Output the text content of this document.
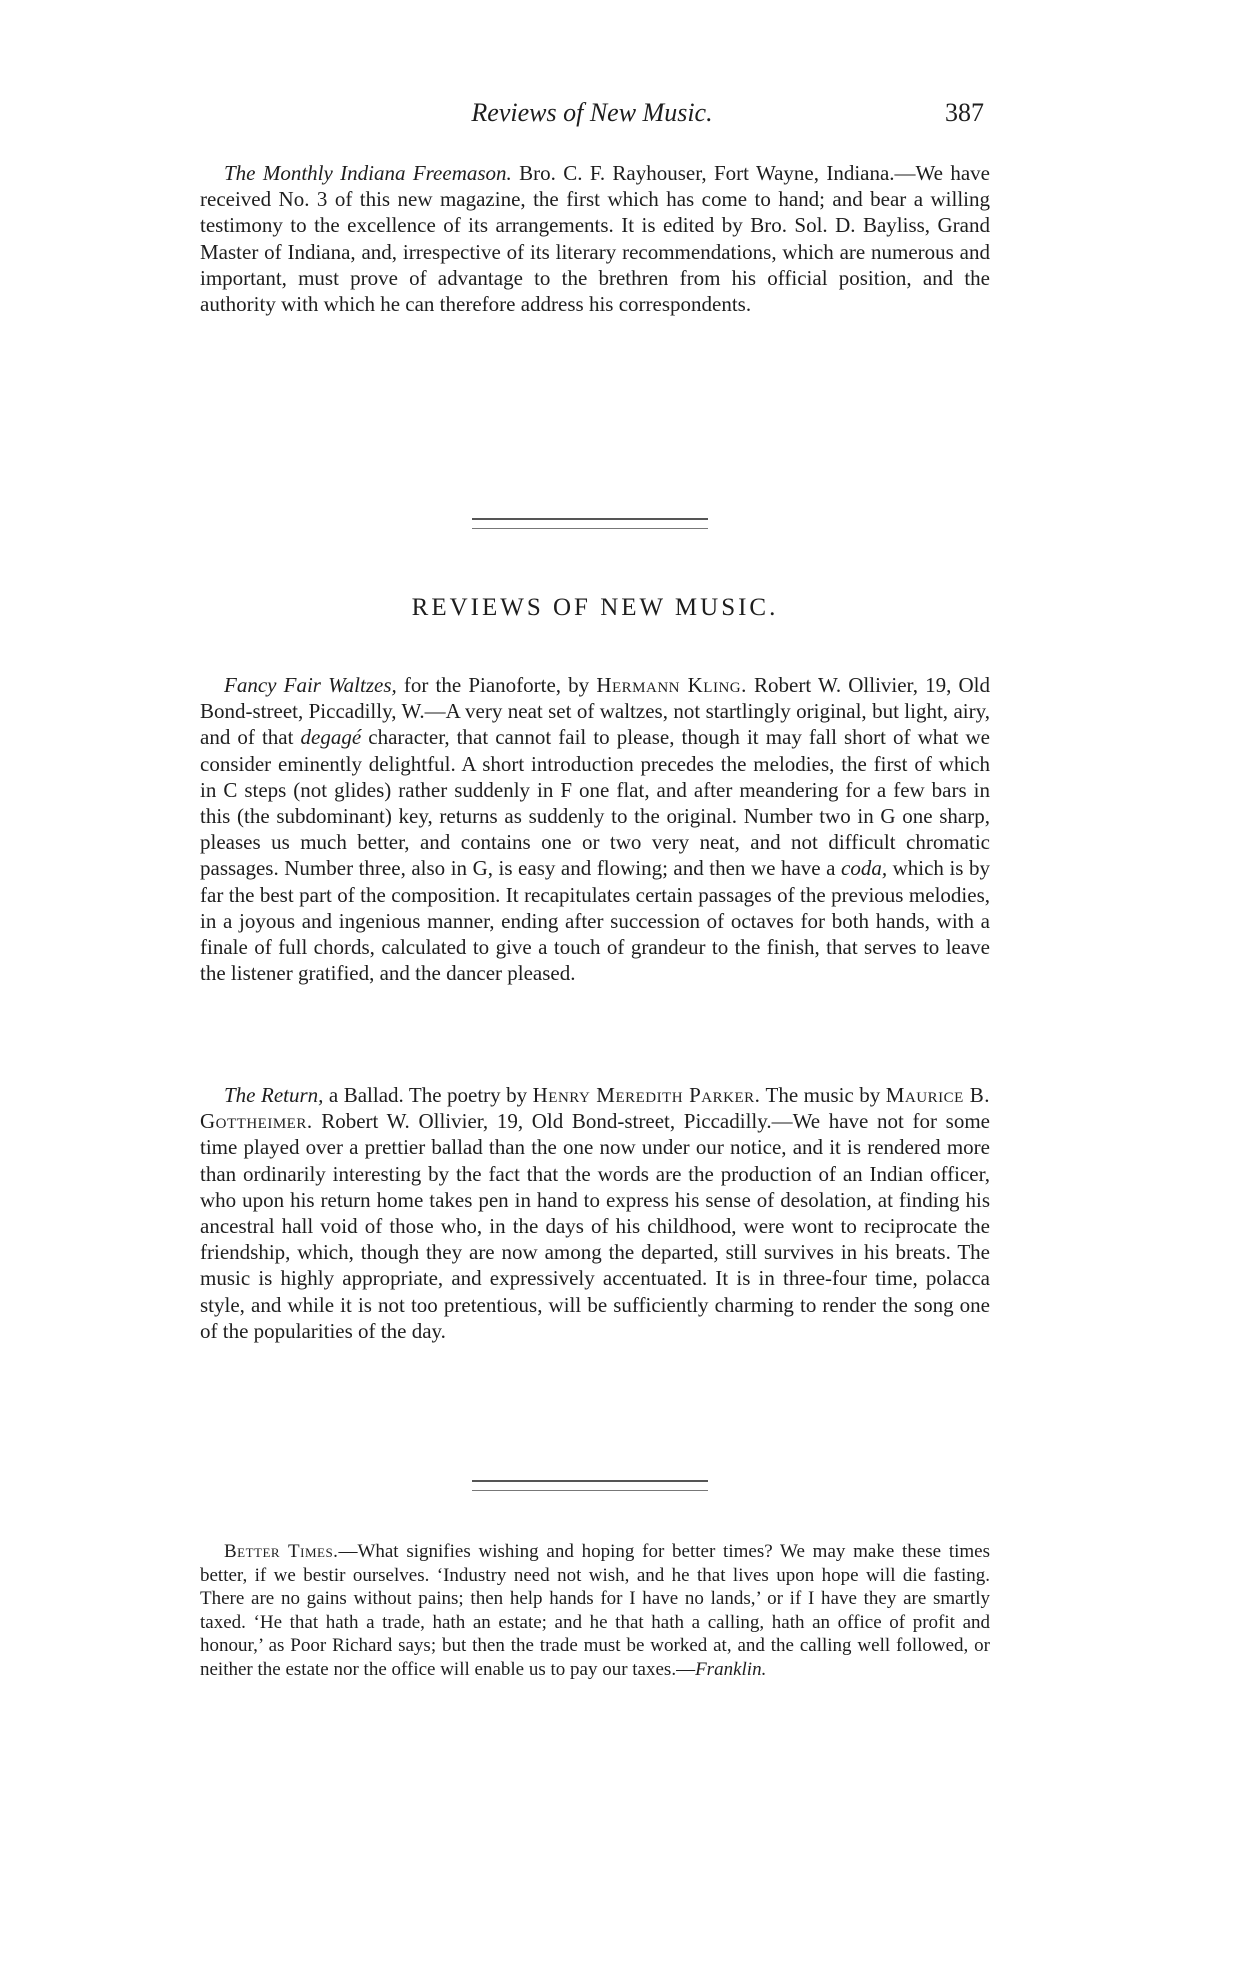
Reviews of New Music.	387

The Monthly Indiana Freemason. Bro. C. F. Rayhouser, Fort Wayne, Indiana.—We have received No. 3 of this new magazine, the first which has come to hand; and bear a willing testimony to the excellence of its arrangements. It is edited by Bro. Sol. D. Bayliss, Grand Master of Indiana, and, irrespective of its literary recommendations, which are numerous and important, must prove of advantage to the brethren from his official position, and the authority with which he can therefore address his correspondents.

REVIEWS OF NEW MUSIC.

Fancy Fair Waltzes, for the Pianoforte, by Hermann Kling. Robert W. Ollivier, 19, Old Bond-street, Piccadilly, W.—A very neat set of waltzes, not startlingly original, but light, airy, and of that degagé character, that cannot fail to please, though it may fall short of what we consider eminently delightful. A short introduction precedes the melodies, the first of which in C steps (not glides) rather suddenly in F one flat, and after meandering for a few bars in this (the subdominant) key, returns as suddenly to the original. Number two in G one sharp, pleases us much better, and contains one or two very neat, and not difficult chromatic passages. Number three, also in G, is easy and flowing; and then we have a coda, which is by far the best part of the composition. It recapitulates certain passages of the previous melodies, in a joyous and ingenious manner, ending after succession of octaves for both hands, with a finale of full chords, calculated to give a touch of grandeur to the finish, that serves to leave the listener gratified, and the dancer pleased.

The Return, a Ballad. The poetry by Henry Meredith Parker. The music by Maurice B. Gottheimer. Robert W. Ollivier, 19, Old Bond-street, Piccadilly.—We have not for some time played over a prettier ballad than the one now under our notice, and it is rendered more than ordinarily interesting by the fact that the words are the production of an Indian officer, who upon his return home takes pen in hand to express his sense of desolation, at finding his ancestral hall void of those who, in the days of his childhood, were wont to reciprocate the friendship, which, though they are now among the departed, still survives in his breats. The music is highly appropriate, and expressively accentuated. It is in three-four time, polacca style, and while it is not too pretentious, will be sufficiently charming to render the song one of the popularities of the day.

Better Times.—What signifies wishing and hoping for better times? We may make these times better, if we bestir ourselves. ‘Industry need not wish, and he that lives upon hope will die fasting. There are no gains without pains; then help hands for I have no lands,’ or if I have they are smartly taxed. ‘He that hath a trade, hath an estate; and he that hath a calling, hath an office of profit and honour,’ as Poor Richard says; but then the trade must be worked at, and the calling well followed, or neither the estate nor the office will enable us to pay our taxes.—Franklin.
